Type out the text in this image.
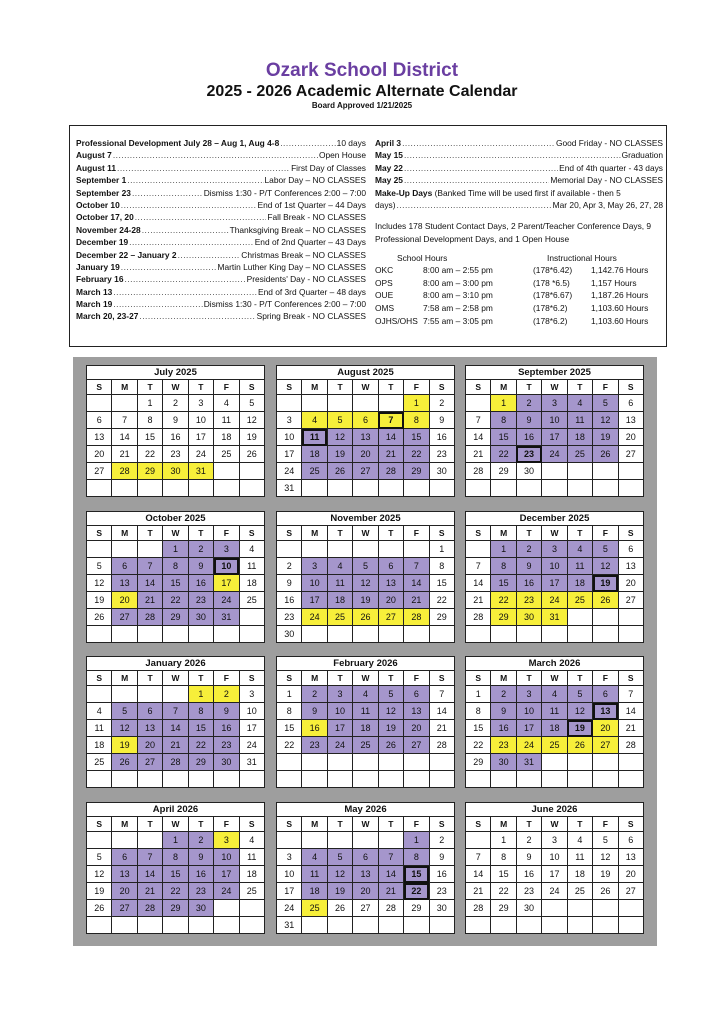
Ozark School District
2025 - 2026 Academic Alternate Calendar
Board Approved 1/21/2025
Professional Development July 28 – Aug 1, Aug 4-8 .....	10 days
August 7 .....	Open House
August 11 .....	First Day of Classes
September 1 .....	Labor Day – NO CLASSES
September 23 .....	Dismiss 1:30 - P/T Conferences 2:00 – 7:00
October 10 .....	End of 1st Quarter – 44 Days
October 17, 20 .....	Fall Break - NO CLASSES
November 24-28 .....	Thanksgiving Break – NO CLASSES
December 19 .....	End of 2nd Quarter – 43 Days
December 22 – January 2 .....	Christmas Break – NO CLASSES
January 19 .....	Martin Luther King Day – NO CLASSES
February 16 .....	Presidents' Day - NO CLASSES
March 13 .....	End of 3rd Quarter – 48 days
March 19 .....	Dismiss 1:30 - P/T Conferences 2:00 – 7:00
March 20, 23-27 .....	Spring Break - NO CLASSES
April 3 .....	Good Friday - NO CLASSES
May 15 .....	Graduation
May 22 .....	End of 4th quarter - 43 days
May 25 .....	Memorial Day - NO CLASSES
Make-Up Days
(Banked Time will be used first if available - then 5
days) .....	Mar 20, Apr 3, May 26, 27, 28
Includes 178 Student Contact Days, 2 Parent/Teacher Conference Days, 9 Professional Development Days, and 1 Open House
School Hours	Instructional Hours
OKC	8:00 am – 2:55 pm	(178*6.42)	1,142.76 Hours
OPS	8:00 am – 3:00 pm	(178 *6.5)	1,157 Hours
OUE	8:00 am – 3:10 pm	(178*6.67)	1,187.26 Hours
OMS	7:58 am – 2:58 pm	(178*6.2)	1,103.60 Hours
OJHS/OHS 7:55 am – 3:05 pm	(178*6.2)	1,103.60 Hours
July 2025
S	M	T	W	T	F	S
		1	2	3	4	5
6	7	8	9	10	11	12
13	14	15	16	17	18	19
20	21	22	23	24	25	26
27	28	29	30	31		

August 2025
S	M	T	W	T	F	S
					1	2
3	4	5	6	7	8	9
10	11	12	13	14	15	16
17	18	19	20	21	22	23
24	25	26	27	28	29	30
31						
September 2025
S	M	T	W	T	F	S
	1	2	3	4	5	6
7	8	9	10	11	12	13
14	15	16	17	18	19	20
21	22	23	24	25	26	27
28	29	30				

October 2025
S	M	T	W	T	F	S
			1	2	3	4
5	6	7	8	9	10	11
12	13	14	15	16	17	18
19	20	21	22	23	24	25
26	27	28	29	30	31	

November 2025
S	M	T	W	T	F	S
						1
2	3	4	5	6	7	8
9	10	11	12	13	14	15
16	17	18	19	20	21	22
23	24	25	26	27	28	29
30						
December 2025
S	M	T	W	T	F	S
	1	2	3	4	5	6
7	8	9	10	11	12	13
14	15	16	17	18	19	20
21	22	23	24	25	26	27
28	29	30	31			

January 2026
S	M	T	W	T	F	S
				1	2	3
4	5	6	7	8	9	10
11	12	13	14	15	16	17
18	19	20	21	22	23	24
25	26	27	28	29	30	31

February 2026
S	M	T	W	T	F	S
1	2	3	4	5	6	7
8	9	10	11	12	13	14
15	16	17	18	19	20	21
22	23	24	25	26	27	28

March 2026
S	M	T	W	T	F	S
1	2	3	4	5	6	7
8	9	10	11	12	13	14
15	16	17	18	19	20	21
22	23	24	25	26	27	28
29	30	31				

April 2026
S	M	T	W	T	F	S
			1	2	3	4
5	6	7	8	9	10	11
12	13	14	15	16	17	18
19	20	21	22	23	24	25
26	27	28	29	30		

May 2026
S	M	T	W	T	F	S
					1	2
3	4	5	6	7	8	9
10	11	12	13	14	15	16
17	18	19	20	21	22	23
24	25	26	27	28	29	30
31						
June 2026
S	M	T	W	T	F	S
	1	2	3	4	5	6
7	8	9	10	11	12	13
14	15	16	17	18	19	20
21	22	23	24	25	26	27
28	29	30				
